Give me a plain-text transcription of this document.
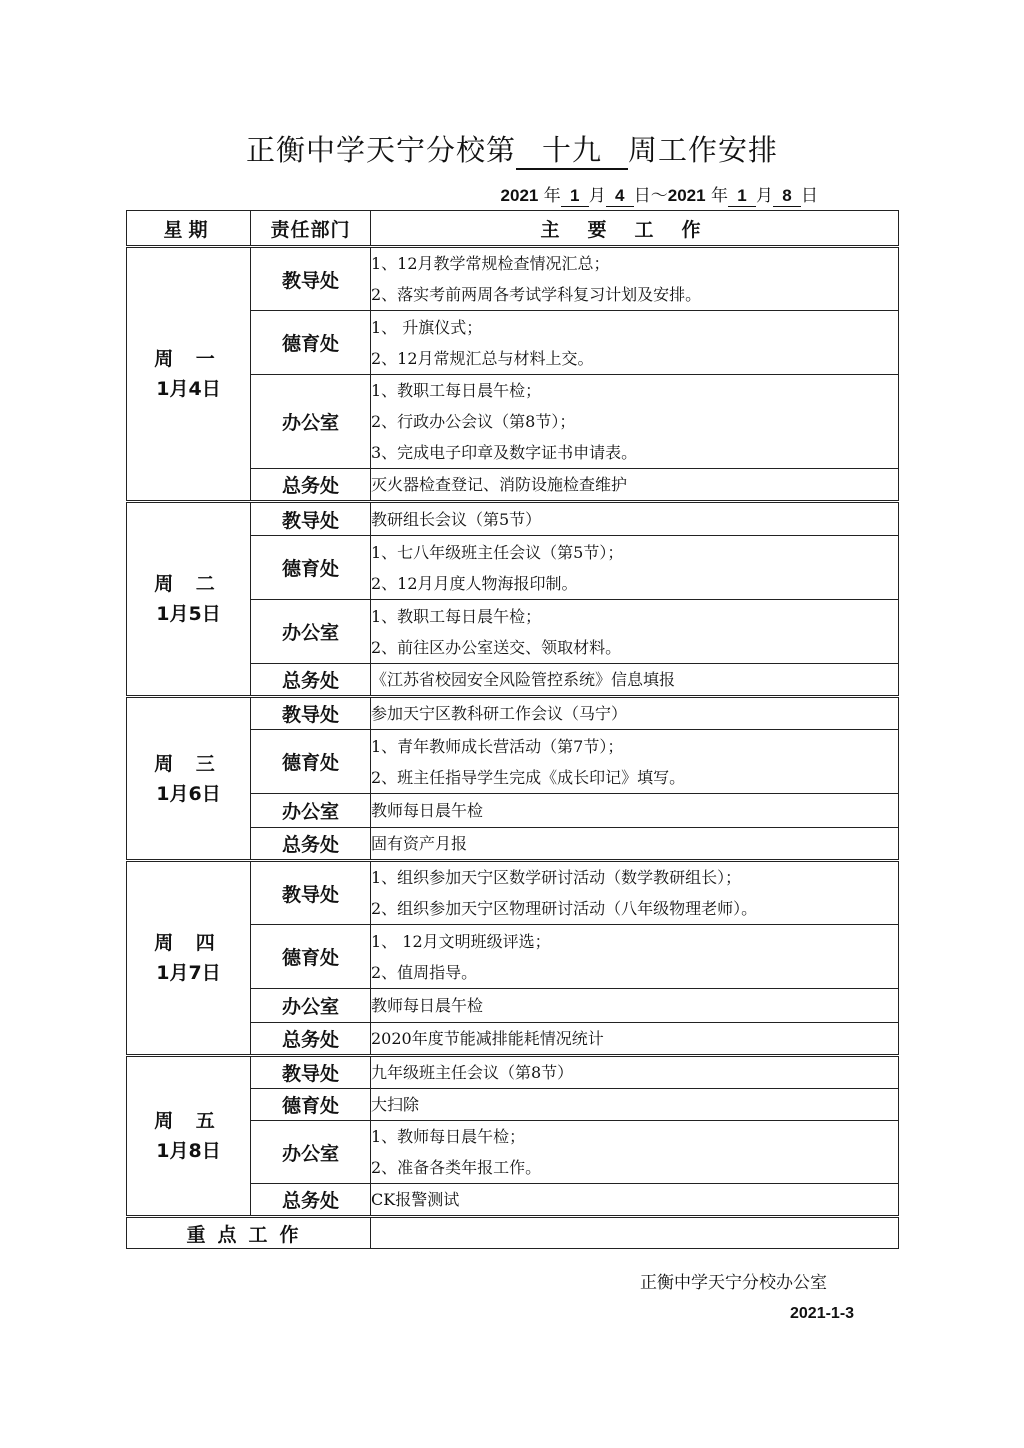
正衡中学天宁分校第 十九 周工作安排
2021 年 1 月 4 日～2021 年 1 月 8 日
星期	责任部门	主要工作

周 一
1月4日	教导处	1、12月教学常规检查情况汇总；
2、落实考前两周各考试学科复习计划及安排。

	德育处	1、 升旗仪式；
2、12月常规汇总与材料上交。

	办公室	1、教职工每日晨午检；
2、行政办公会议（第8节）；
3、完成电子印章及数字证书申请表。

	总务处	灭火器检查登记、消防设施检查维护

周 二
1月5日	教导处	教研组长会议（第5节）

	德育处	1、七八年级班主任会议（第5节）；
2、12月月度人物海报印制。

	办公室	1、教职工每日晨午检；
2、前往区办公室送交、领取材料。

	总务处	《江苏省校园安全风险管控系统》信息填报

周 三
1月6日	教导处	参加天宁区教科研工作会议（马宁）

	德育处	1、青年教师成长营活动（第7节）；
2、班主任指导学生完成《成长印记》填写。

	办公室	教师每日晨午检

	总务处	固有资产月报

周 四
1月7日	教导处	1、组织参加天宁区数学研讨活动（数学教研组长）；
2、组织参加天宁区物理研讨活动（八年级物理老师）。

	德育处	1、 12月文明班级评选；
2、值周指导。

	办公室	教师每日晨午检

	总务处	2020年度节能减排能耗情况统计

周 五
1月8日	教导处	九年级班主任会议（第8节）

	德育处	大扫除

	办公室	1、教师每日晨午检；
2、准备各类年报工作。

	总务处	CK报警测试

重点工作		
正衡中学天宁分校办公室
2021-1-3
